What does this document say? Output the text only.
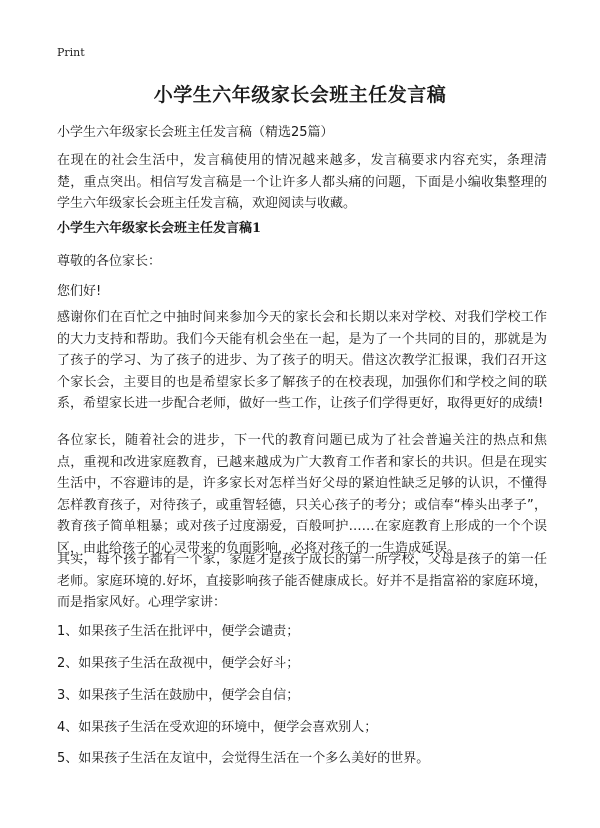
Print
小学生六年级家长会班主任发言稿
小学生六年级家长会班主任发言稿（精选25篇）
在现在的社会生活中，发言稿使用的情况越来越多，发言稿要求内容充实，条理清楚，重点突出。相信写发言稿是一个让许多人都头痛的问题，下面是小编收集整理的学生六年级家长会班主任发言稿，欢迎阅读与收藏。
小学生六年级家长会班主任发言稿1
尊敬的各位家长：
您们好!
感谢你们在百忙之中抽时间来参加今天的家长会和长期以来对学校、对我们学校工作的大力支持和帮助。我们今天能有机会坐在一起，是为了一个共同的目的，那就是为了孩子的学习、为了孩子的进步、为了孩子的明天。借这次教学汇报课，我们召开这个家长会，主要目的也是希望家长多了解孩子的在校表现，加强你们和学校之间的联系，希望家长进一步配合老师，做好一些工作，让孩子们学得更好，取得更好的成绩!
各位家长，随着社会的进步，下一代的教育问题已成为了社会普遍关注的热点和焦点，重视和改进家庭教育，已越来越成为广大教育工作者和家长的共识。但是在现实生活中，不容避讳的是，许多家长对怎样当好父母的紧迫性缺乏足够的认识，不懂得怎样教育孩子，对待孩子，或重智轻德，只关心孩子的考分；或信奉“棒头出孝子”，教育孩子简单粗暴；或对孩子过度溺爱，百般呵护……在家庭教育上形成的一个个误区，由此给孩子的心灵带来的负面影响，必将对孩子的一生造成延误。
其实，每个孩子都有一个家，家庭才是孩子成长的第一所学校，父母是孩子的第一任老师。家庭环境的.好坏，直接影响孩子能否健康成长。好并不是指富裕的家庭环境，而是指家风好。心理学家讲：
1、如果孩子生活在批评中，便学会谴责；
2、如果孩子生活在敌视中，便学会好斗；
3、如果孩子生活在鼓励中，便学会自信；
4、如果孩子生活在受欢迎的环境中，便学会喜欢别人；
5、如果孩子生活在友谊中，会觉得生活在一个多么美好的世界。
